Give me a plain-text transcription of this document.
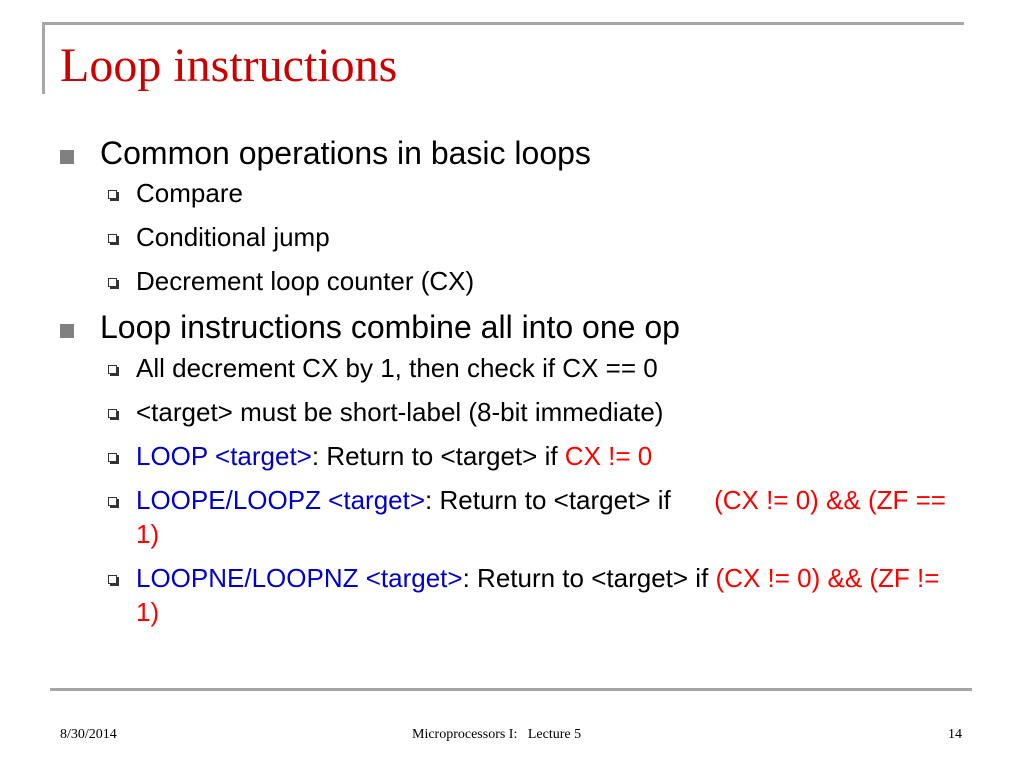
Loop instructions
Common operations in basic loops
Compare
Conditional jump
Decrement loop counter (CX)
Loop instructions combine all into one op
All decrement CX by 1, then check if CX == 0
<target> must be short-label (8-bit immediate)
LOOP <target>: Return to <target> if CX != 0
LOOPE/LOOPZ <target>: Return to <target> if      (CX != 0) && (ZF == 1)
LOOPNE/LOOPNZ <target>: Return to <target> if (CX != 0) && (ZF != 1)
8/30/2014	Microprocessors I:   Lecture 5	14
